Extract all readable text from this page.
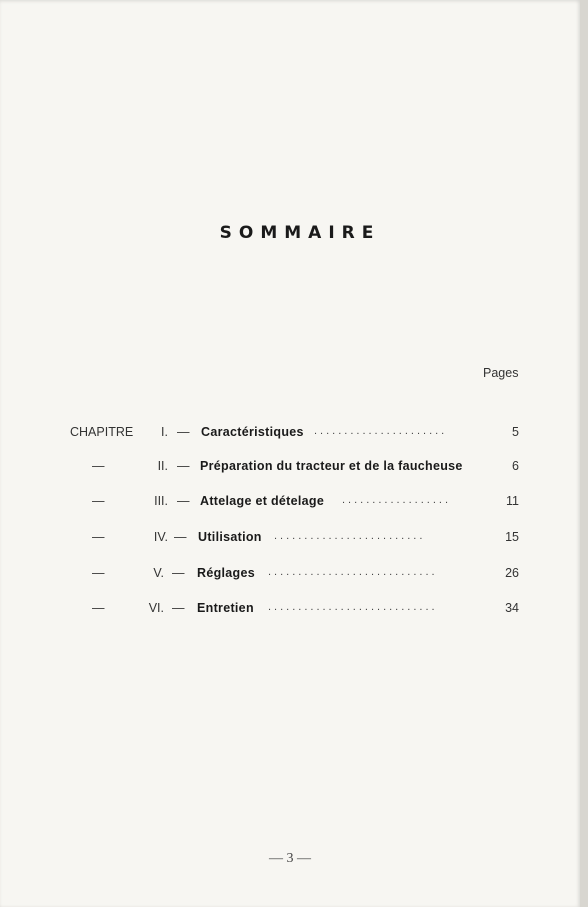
SOMMAIRE
Pages
CHAPITRE	I. — Caractéristiques ......................	5
—	II. — Préparation du tracteur et de la faucheuse	6
—	III. — Attelage et dételage ..................	11
—	IV. — Utilisation .........................	15
—	V. — Réglages ............................	26
—	VI. — Entretien ............................	34
— 3 —
